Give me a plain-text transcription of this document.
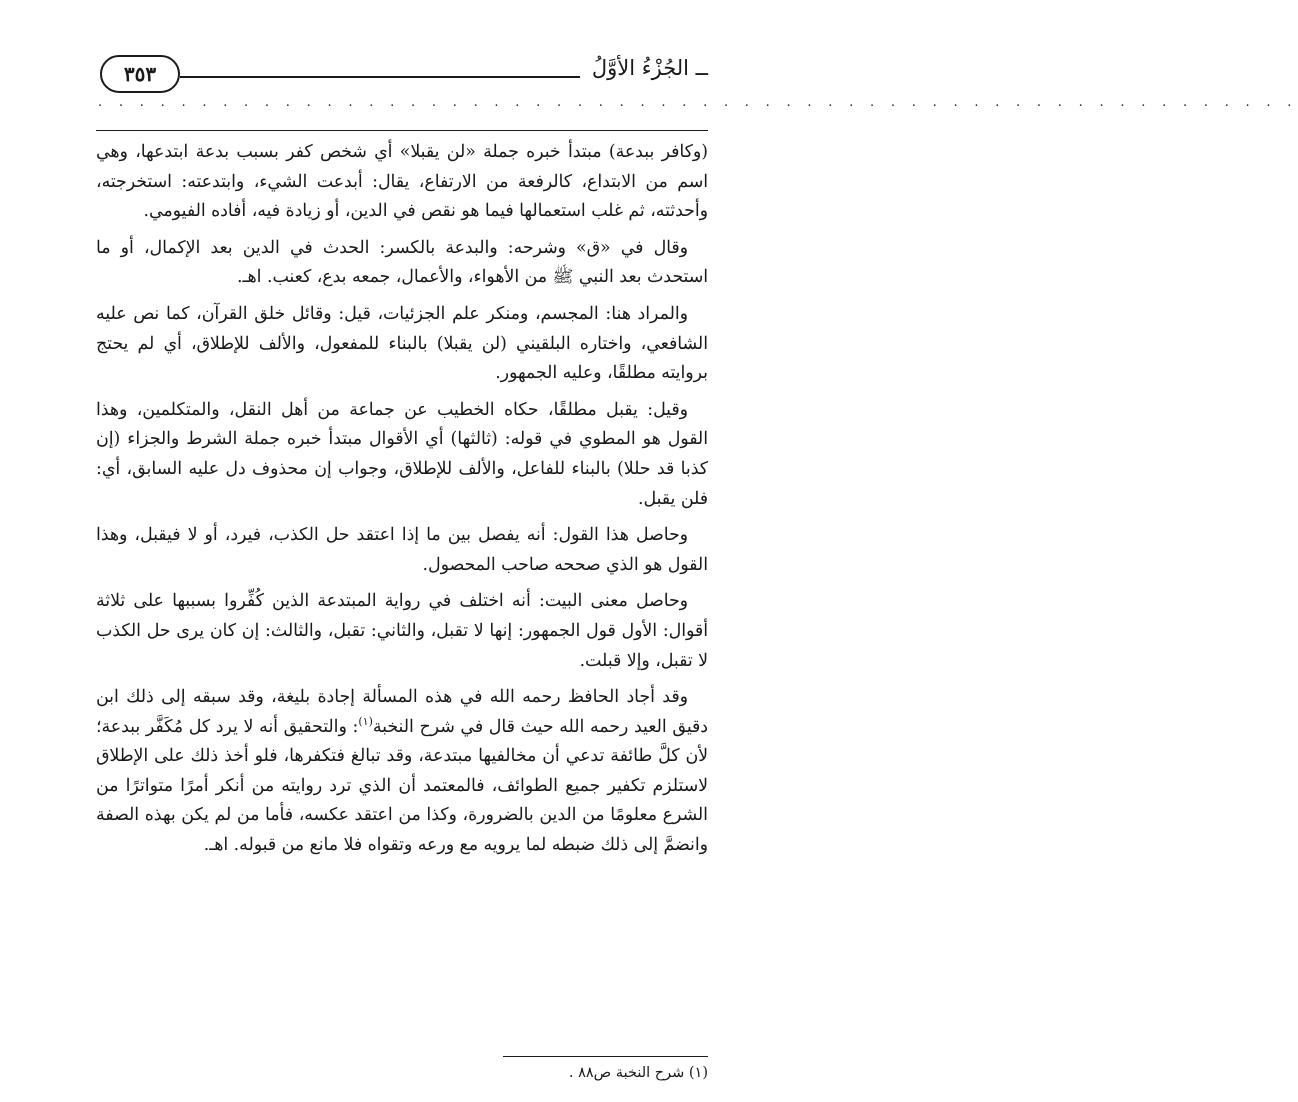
ــ الجُزْءُ الأوَّلُ
٣٥٣
. . . . . . . . . . . . . . . . . . . . . . . . . . . . . . . . . . . . . . . . . . . . . . . . . . . . . . . . . .

(وكافر ببدعة) مبتدأ خبره جملة «لن يقبلا» أي شخص كفر بسبب بدعة ابتدعها، وهي اسم من الابتداع، كالرفعة من الارتفاع، يقال: أبدعت الشيء، وابتدعته: استخرجته، وأحدثته، ثم غلب استعمالها فيما هو نقص في الدين، أو زيادة فيه، أفاده الفيومي.

وقال في «ق» وشرحه: والبدعة بالكسر: الحدث في الدين بعد الإكمال، أو ما استحدث بعد النبي ﷺ من الأهواء، والأعمال، جمعه بدع، كعنب. اهـ.

والمراد هنا: المجسم، ومنكر علم الجزئيات، قيل: وقائل خلق القرآن، كما نص عليه الشافعي، واختاره البلقيني (لن يقبلا) بالبناء للمفعول، والألف للإطلاق، أي لم يحتج بروايته مطلقًا، وعليه الجمهور.

وقيل: يقبل مطلقًا، حكاه الخطيب عن جماعة من أهل النقل، والمتكلمين، وهذا القول هو المطوي في قوله: (ثالثها) أي الأقوال مبتدأ خبره جملة الشرط والجزاء (إن كذبا قد حللا) بالبناء للفاعل، والألف للإطلاق، وجواب إن محذوف دل عليه السابق، أي: فلن يقبل.

وحاصل هذا القول: أنه يفصل بين ما إذا اعتقد حل الكذب، فيرد، أو لا فيقبل، وهذا القول هو الذي صححه صاحب المحصول.

وحاصل معنى البيت: أنه اختلف في رواية المبتدعة الذين كُفِّروا بسببها على ثلاثة أقوال: الأول قول الجمهور: إنها لا تقبل، والثاني: تقبل، والثالث: إن كان يرى حل الكذب لا تقبل، وإلا قبلت.

وقد أجاد الحافظ رحمه الله في هذه المسألة إجادة بليغة، وقد سبقه إلى ذلك ابن دقيق العيد رحمه الله حيث قال في شرح النخبة$^{(١)}$: والتحقيق أنه لا يرد كل مُكَفَّر ببدعة؛ لأن كلَّ طائفة تدعي أن مخالفيها مبتدعة، وقد تبالغ فتكفرها، فلو أخذ ذلك على الإطلاق لاستلزم تكفير جميع الطوائف، فالمعتمد أن الذي ترد روايته من أنكر أمرًا متواترًا من الشرع معلومًا من الدين بالضرورة، وكذا من اعتقد عكسه، فأما من لم يكن بهذه الصفة وانضمَّ إلى ذلك ضبطه لما يرويه مع ورعه وتقواه فلا مانع من قبوله. اهـ.

(١) شرح النخبة ص٨٨ .
